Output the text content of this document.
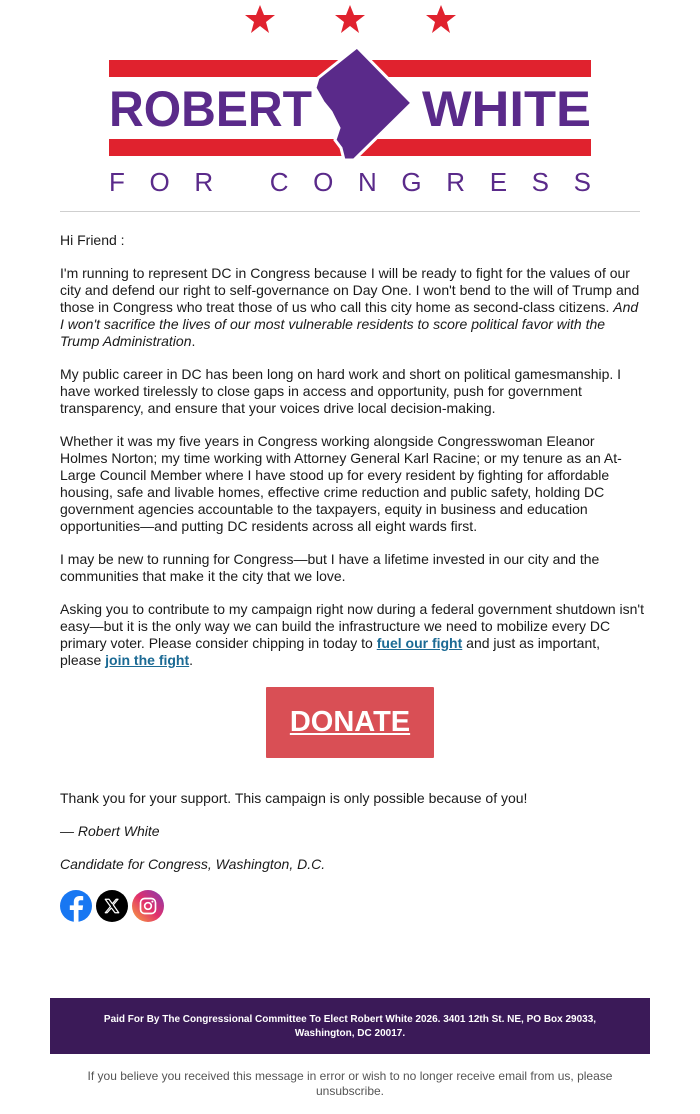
ROBERT WHITE
FOR CONGRESS

Hi Friend :

I'm running to represent DC in Congress because I will be ready to fight for the values of our city and defend our right to self-governance on Day One. I won't bend to the will of Trump and those in Congress who treat those of us who call this city home as second-class citizens. And I won't sacrifice the lives of our most vulnerable residents to score political favor with the Trump Administration.

My public career in DC has been long on hard work and short on political gamesmanship. I have worked tirelessly to close gaps in access and opportunity, push for government transparency, and ensure that your voices drive local decision-making.

Whether it was my five years in Congress working alongside Congresswoman Eleanor Holmes Norton; my time working with Attorney General Karl Racine; or my tenure as an At-Large Council Member where I have stood up for every resident by fighting for affordable housing, safe and livable homes, effective crime reduction and public safety, holding DC government agencies accountable to the taxpayers, equity in business and education opportunities—and putting DC residents across all eight wards first.

I may be new to running for Congress—but I have a lifetime invested in our city and the communities that make it the city that we love.

Asking you to contribute to my campaign right now during a federal government shutdown isn't easy—but it is the only way we can build the infrastructure we need to mobilize every DC primary voter. Please consider chipping in today to fuel our fight and just as important, please join the fight.

DONATE

Thank you for your support. This campaign is only possible because of you!

— Robert White

Candidate for Congress, Washington, D.C.

Paid For By The Congressional Committee To Elect Robert White 2026. 3401 12th St. NE, PO Box 29033, Washington, DC 20017.
If you believe you received this message in error or wish to no longer receive email from us, please unsubscribe.
